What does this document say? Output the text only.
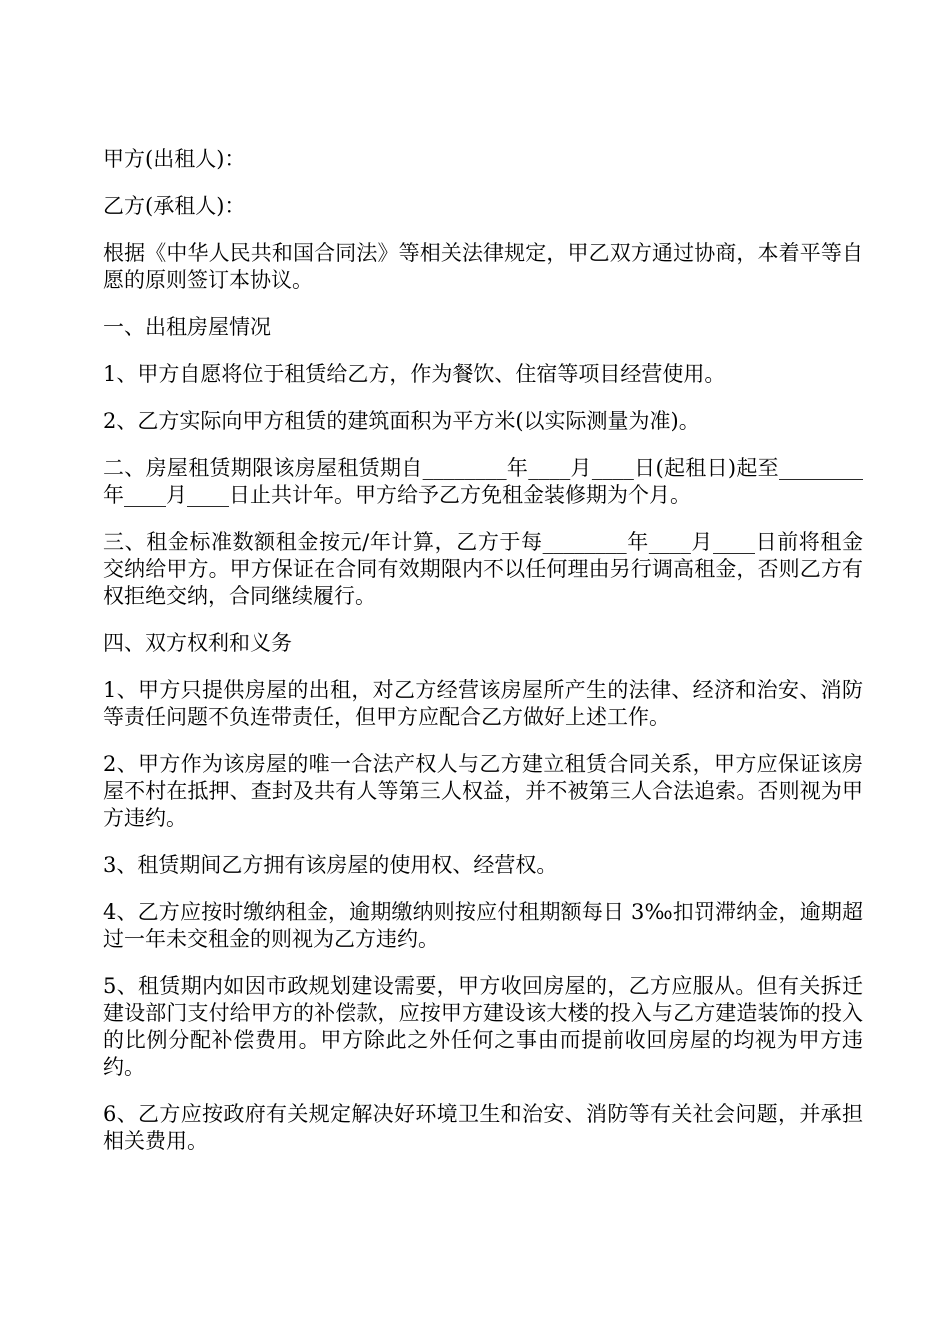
甲方(出租人)：

乙方(承租人)：

根据《中华人民共和国合同法》等相关法律规定，甲乙双方通过协商，本着平等自愿的原则签订本协议。

一、出租房屋情况

1、甲方自愿将位于租赁给乙方，作为餐饮、住宿等项目经营使用。

2、乙方实际向甲方租赁的建筑面积为平方米(以实际测量为准)。

二、房屋租赁期限该房屋租赁期自________年____月____日(起租日)起至________年____月____日止共计年。甲方给予乙方免租金装修期为个月。

三、租金标准数额租金按元/年计算，乙方于每________年____月____日前将租金交纳给甲方。甲方保证在合同有效期限内不以任何理由另行调高租金，否则乙方有权拒绝交纳，合同继续履行。

四、双方权利和义务

1、甲方只提供房屋的出租，对乙方经营该房屋所产生的法律、经济和治安、消防等责任问题不负连带责任，但甲方应配合乙方做好上述工作。

2、甲方作为该房屋的唯一合法产权人与乙方建立租赁合同关系，甲方应保证该房屋不村在抵押、查封及共有人等第三人权益，并不被第三人合法追索。否则视为甲方违约。

3、租赁期间乙方拥有该房屋的使用权、经营权。

4、乙方应按时缴纳租金，逾期缴纳则按应付租期额每日 3‰扣罚滞纳金，逾期超过一年未交租金的则视为乙方违约。

5、租赁期内如因市政规划建设需要，甲方收回房屋的，乙方应服从。但有关拆迁建设部门支付给甲方的补偿款，应按甲方建设该大楼的投入与乙方建造装饰的投入的比例分配补偿费用。甲方除此之外任何之事由而提前收回房屋的均视为甲方违约。

6、乙方应按政府有关规定解决好环境卫生和治安、消防等有关社会问题，并承担相关费用。
